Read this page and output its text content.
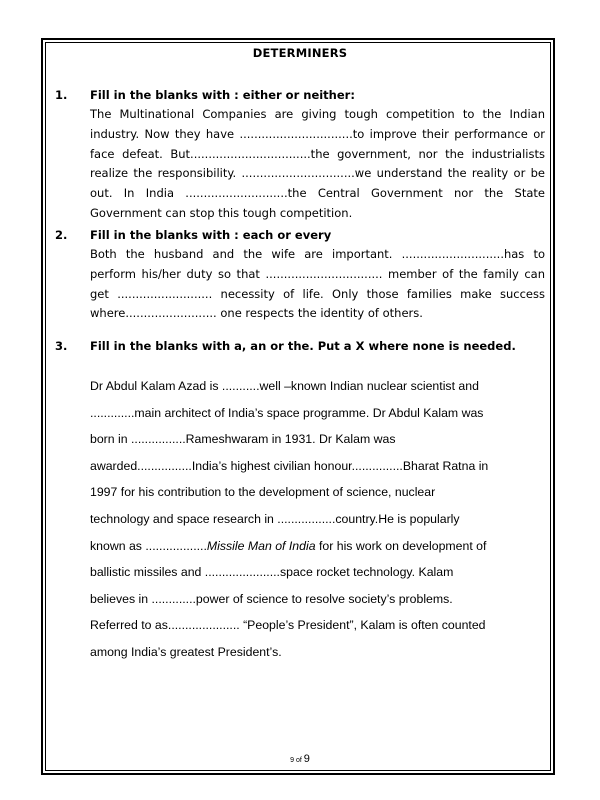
DETERMINERS
1. Fill in the blanks with : either or neither:
The Multinational Companies are giving tough competition to the Indian industry. Now they have ...............................to improve their performance or face defeat. But.................................the government, nor the industrialists realize the responsibility. ...............................we understand the reality or be out. In India ............................the Central Government nor the State Government can stop this tough competition.
2. Fill in the blanks with : each or every
Both the husband and the wife are important. ............................has to perform his/her duty so that ................................ member of the family can get .......................... necessity of life. Only those families make success where......................... one respects the identity of others.
3. Fill in the blanks with a, an or the. Put a X where none is needed.
Dr Abdul Kalam Azad is ...........well –known Indian nuclear scientist and
.............main architect of India’s space programme. Dr Abdul Kalam was
born in ................Rameshwaram in 1931. Dr Kalam was
awarded................India’s highest civilian honour...............Bharat Ratna in
1997 for his contribution to the development of science, nuclear
technology and space research in .................country.He is popularly
known as ..................Missile Man of India for his work on development of
ballistic missiles and ......................space rocket technology. Kalam
believes in .............power of science to resolve society’s problems.
Referred to as..................... “People’s President”, Kalam is often counted
among India’s greatest President’s.
9 of 9
